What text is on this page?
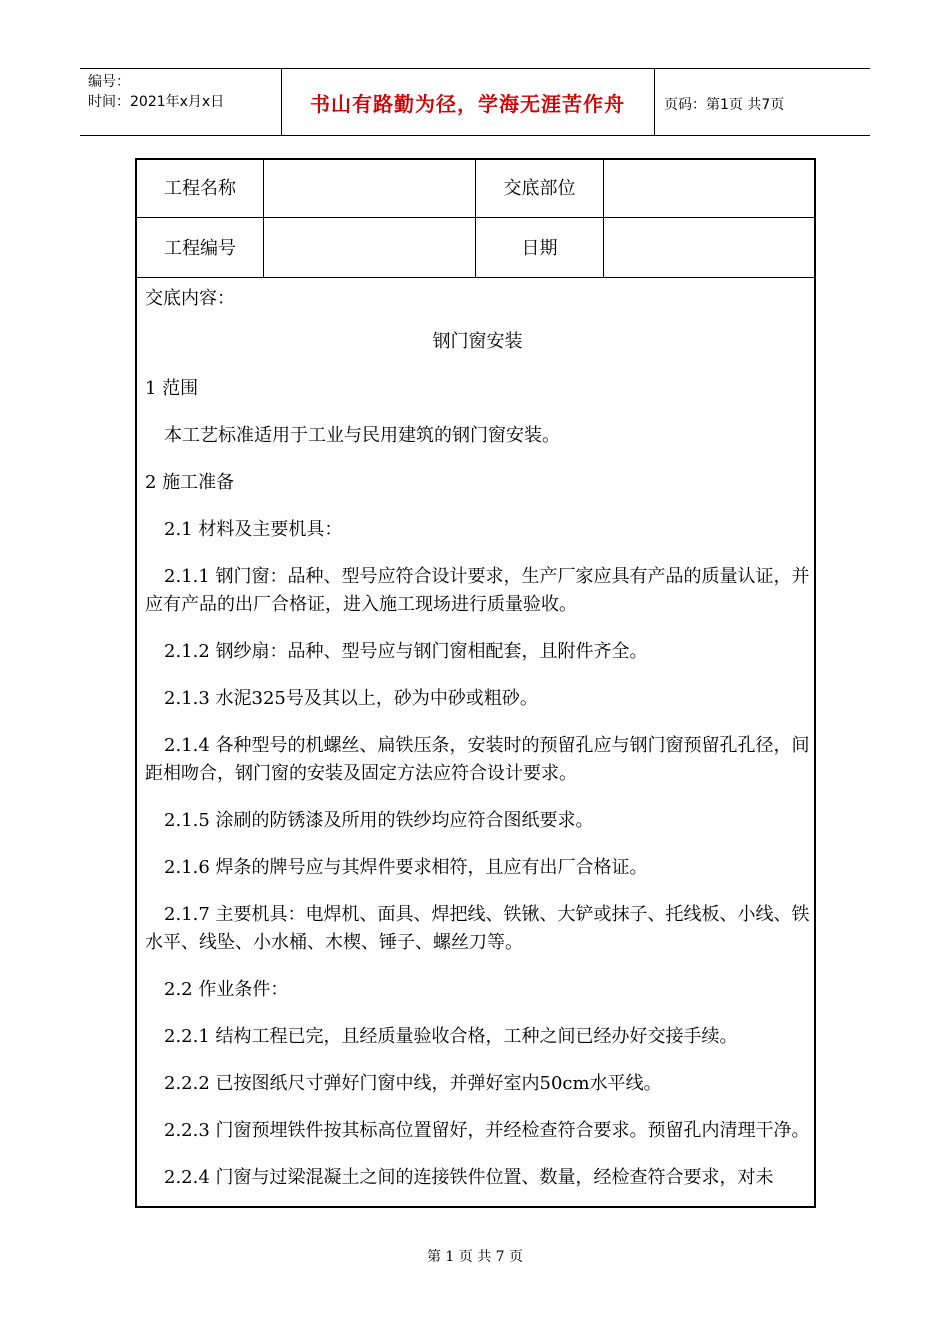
编号：
时间：2021年x月x日	书山有路勤为径，学海无涯苦作舟	页码：第1页 共7页
工程名称	交底部位
工程编号	日期

交底内容：

钢门窗安装

1 范围

本工艺标准适用于工业与民用建筑的钢门窗安装。

2 施工准备

2.1 材料及主要机具：

2.1.1 钢门窗：品种、型号应符合设计要求，生产厂家应具有产品的质量认证，并应有产品的出厂合格证，进入施工现场进行质量验收。

2.1.2 钢纱扇：品种、型号应与钢门窗相配套，且附件齐全。

2.1.3 水泥325号及其以上，砂为中砂或粗砂。

2.1.4 各种型号的机螺丝、扁铁压条，安装时的预留孔应与钢门窗预留孔孔径，间距相吻合，钢门窗的安装及固定方法应符合设计要求。

2.1.5 涂刷的防锈漆及所用的铁纱均应符合图纸要求。

2.1.6 焊条的牌号应与其焊件要求相符，且应有出厂合格证。

2.1.7 主要机具：电焊机、面具、焊把线、铁锹、大铲或抹子、托线板、小线、铁水平、线坠、小水桶、木楔、锤子、螺丝刀等。

2.2 作业条件：

2.2.1 结构工程已完，且经质量验收合格，工种之间已经办好交接手续。

2.2.2 已按图纸尺寸弹好门窗中线，并弹好室内50cm水平线。

2.2.3 门窗预埋铁件按其标高位置留好，并经检查符合要求。预留孔内清理干净。

2.2.4 门窗与过梁混凝土之间的连接铁件位置、数量，经检查符合要求，对未

第 1 页 共 7 页
